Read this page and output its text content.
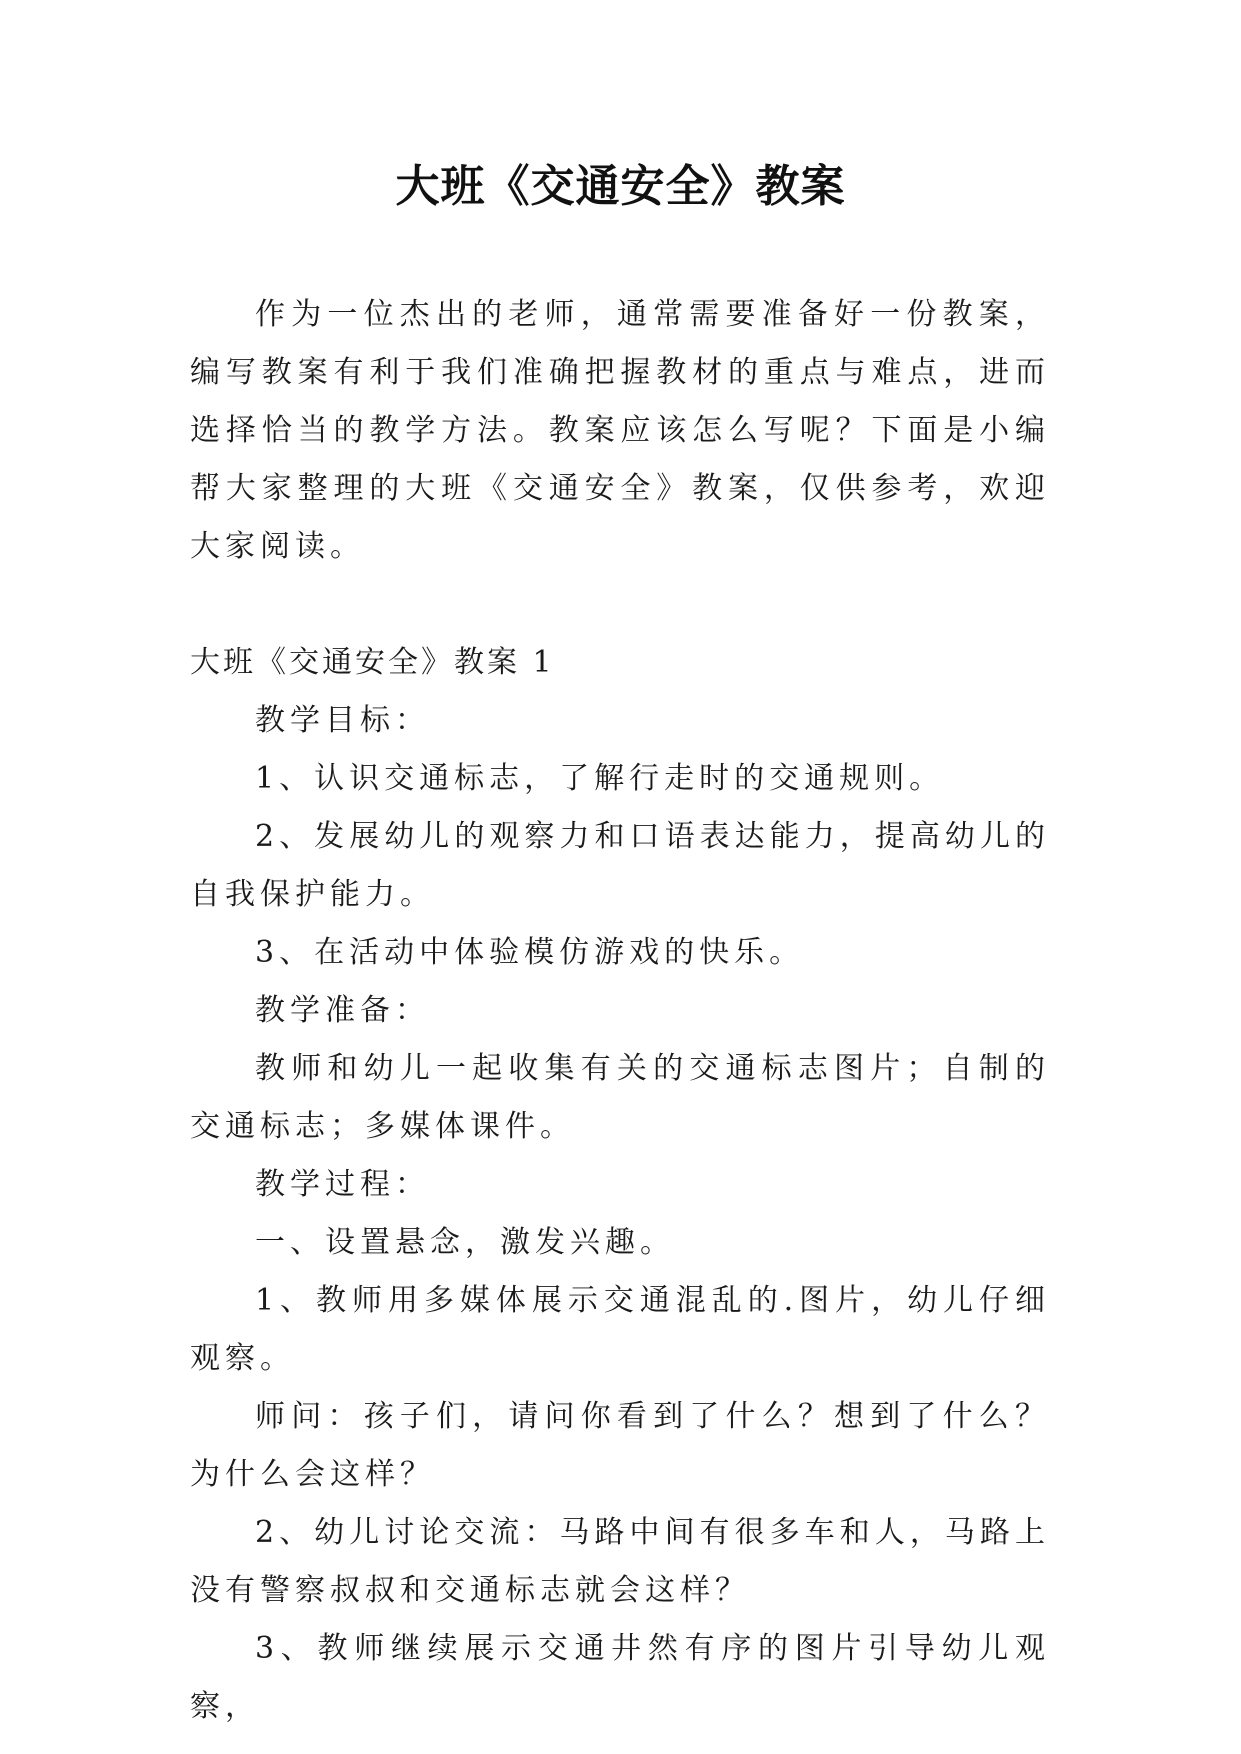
大班《交通安全》教案

作为一位杰出的老师，通常需要准备好一份教案，编写教案有利于我们准确把握教材的重点与难点，进而选择恰当的教学方法。教案应该怎么写呢？下面是小编帮大家整理的大班《交通安全》教案，仅供参考，欢迎大家阅读。

大班《交通安全》教案 1

教学目标：

1、认识交通标志，了解行走时的交通规则。

2、发展幼儿的观察力和口语表达能力，提高幼儿的自我保护能力。

3、在活动中体验模仿游戏的快乐。

教学准备：

教师和幼儿一起收集有关的交通标志图片；自制的交通标志；多媒体课件。

教学过程：

一、设置悬念，激发兴趣。

1、教师用多媒体展示交通混乱的.图片，幼儿仔细观察。

师问：孩子们，请问你看到了什么？想到了什么？为什么会这样？

2、幼儿讨论交流：马路中间有很多车和人，马路上没有警察叔叔和交通标志就会这样？

3、教师继续展示交通井然有序的图片引导幼儿观察，
